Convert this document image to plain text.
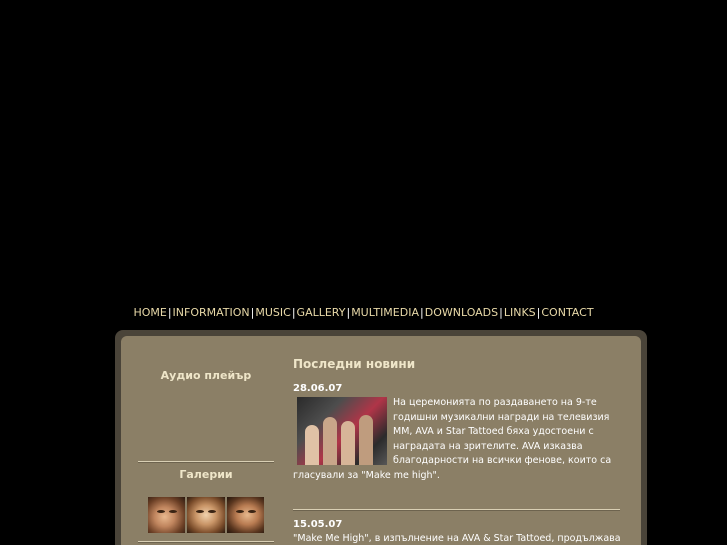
HOME|INFORMATION|MUSIC|GALLERY|MULTIMEDIA|DOWNLOADS|LINKS|CONTACT
Аудио плейър
Галерии
Последни новини
28.06.07
На церемонията по раздаването на 9-те годишни музикални награди на телевизия ММ, AVA и Star Tattoed бяха удостоени с наградата на зрителите. AVA изказва благодарности на всички фенове, които са гласували за "Make me high".
15.05.07
"Make Me High", в изпълнение на AVA & Star Tattoed, продължава
